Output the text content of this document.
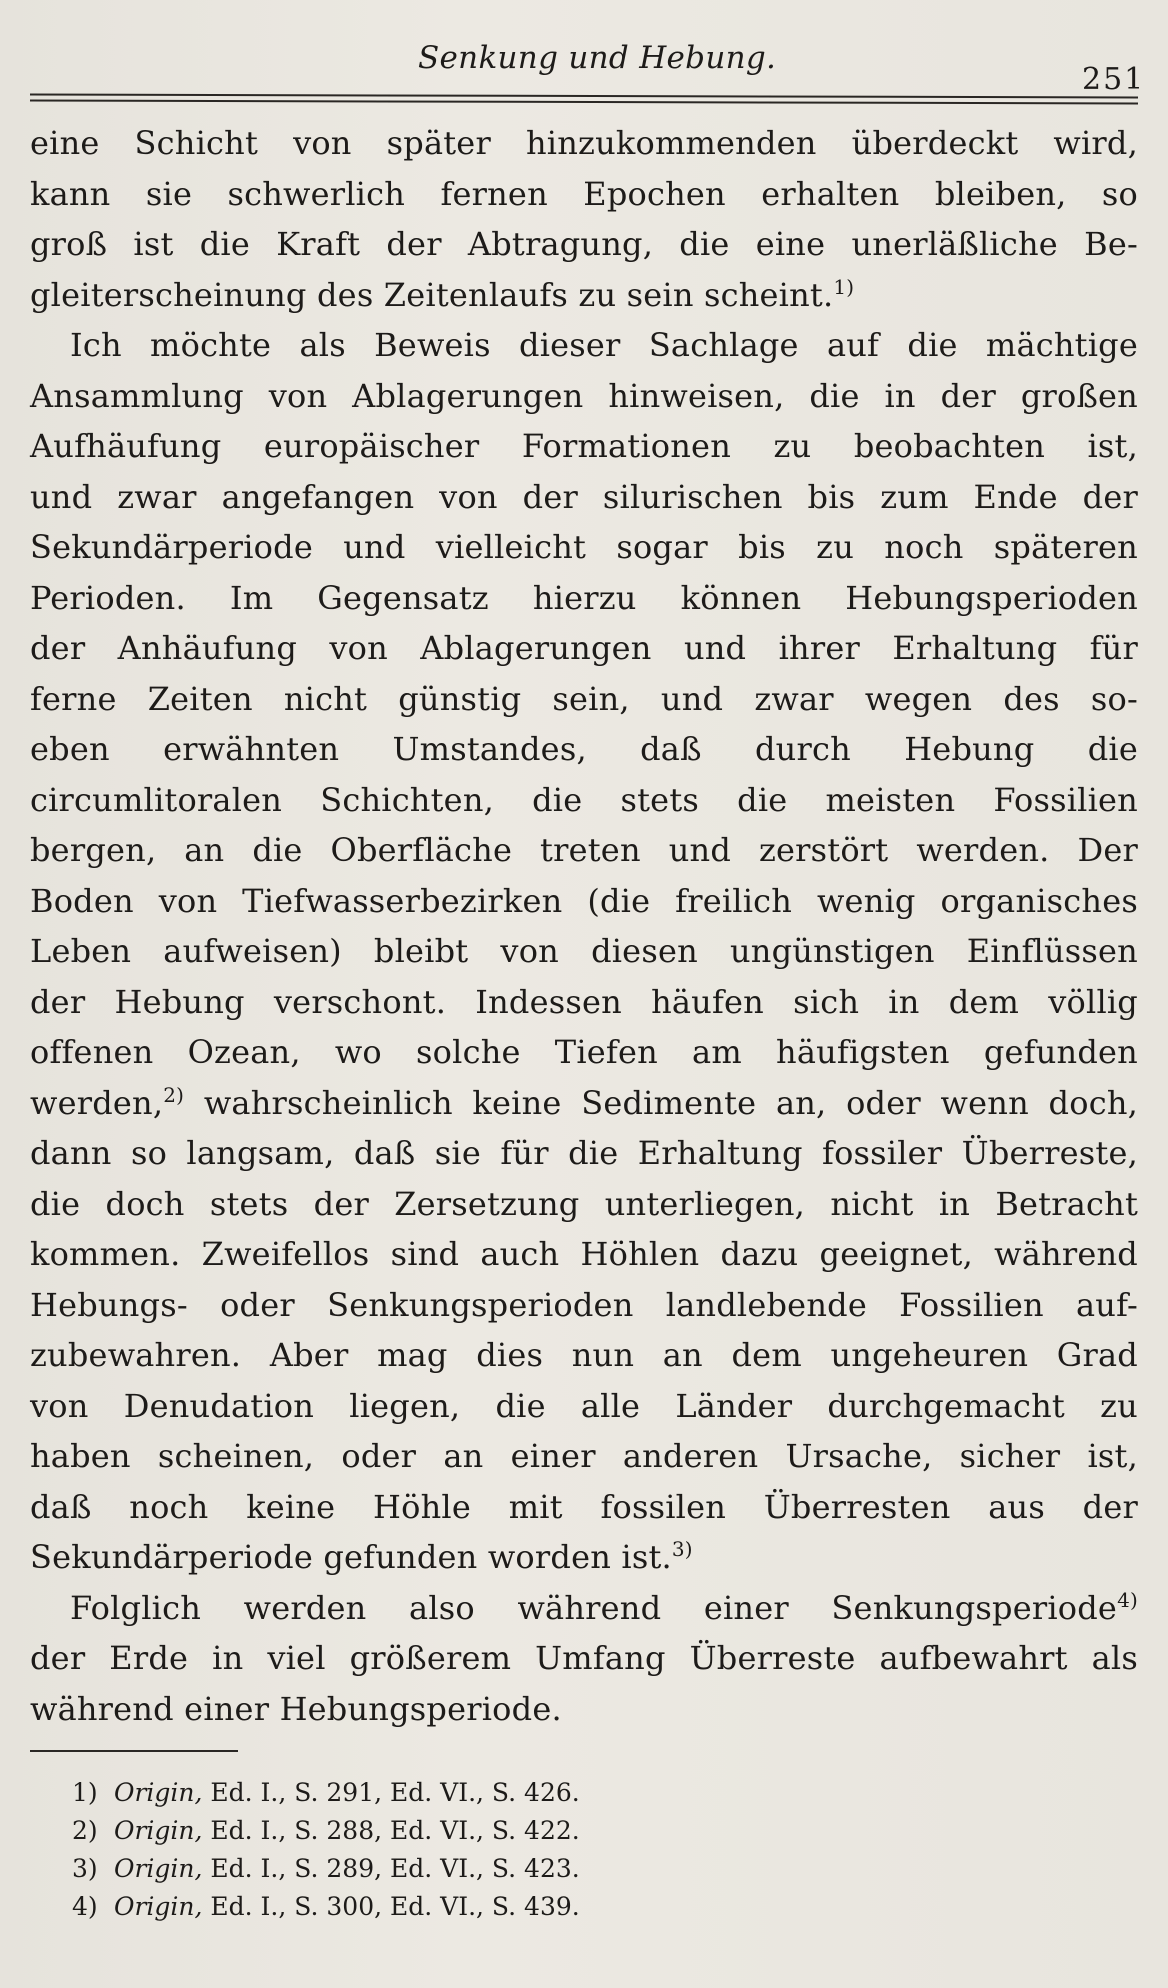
Senkung und Hebung.
251
eine Schicht von später hinzukommenden überdeckt wird,
kann sie schwerlich fernen Epochen erhalten bleiben, so
groß ist die Kraft der Abtragung, die eine unerläßliche Be-
gleiterscheinung des Zeitenlaufs zu sein scheint.$^{1)}$
Ich möchte als Beweis dieser Sachlage auf die mächtige
Ansammlung von Ablagerungen hinweisen, die in der großen
Aufhäufung europäischer Formationen zu beobachten ist,
und zwar angefangen von der silurischen bis zum Ende der
Sekundärperiode und vielleicht sogar bis zu noch späteren
Perioden. Im Gegensatz hierzu können Hebungsperioden
der Anhäufung von Ablagerungen und ihrer Erhaltung für
ferne Zeiten nicht günstig sein, und zwar wegen des so-
eben erwähnten Umstandes, daß durch Hebung die
circumlitoralen Schichten, die stets die meisten Fossilien
bergen, an die Oberfläche treten und zerstört werden. Der
Boden von Tiefwasserbezirken (die freilich wenig organisches
Leben aufweisen) bleibt von diesen ungünstigen Einflüssen
der Hebung verschont. Indessen häufen sich in dem völlig
offenen Ozean, wo solche Tiefen am häufigsten gefunden
werden,$^{2)}$ wahrscheinlich keine Sedimente an, oder wenn doch,
dann so langsam, daß sie für die Erhaltung fossiler Überreste,
die doch stets der Zersetzung unterliegen, nicht in Betracht
kommen. Zweifellos sind auch Höhlen dazu geeignet, während
Hebungs- oder Senkungsperioden landlebende Fossilien auf-
zubewahren. Aber mag dies nun an dem ungeheuren Grad
von Denudation liegen, die alle Länder durchgemacht zu
haben scheinen, oder an einer anderen Ursache, sicher ist,
daß noch keine Höhle mit fossilen Überresten aus der
Sekundärperiode gefunden worden ist.$^{3)}$
Folglich werden also während einer Senkungsperiode$^{4)}$
der Erde in viel größerem Umfang Überreste aufbewahrt als
während einer Hebungsperiode.
1) Origin, Ed. I., S. 291, Ed. VI., S. 426.
2) Origin, Ed. I., S. 288, Ed. VI., S. 422.
3) Origin, Ed. I., S. 289, Ed. VI., S. 423.
4) Origin, Ed. I., S. 300, Ed. VI., S. 439.
